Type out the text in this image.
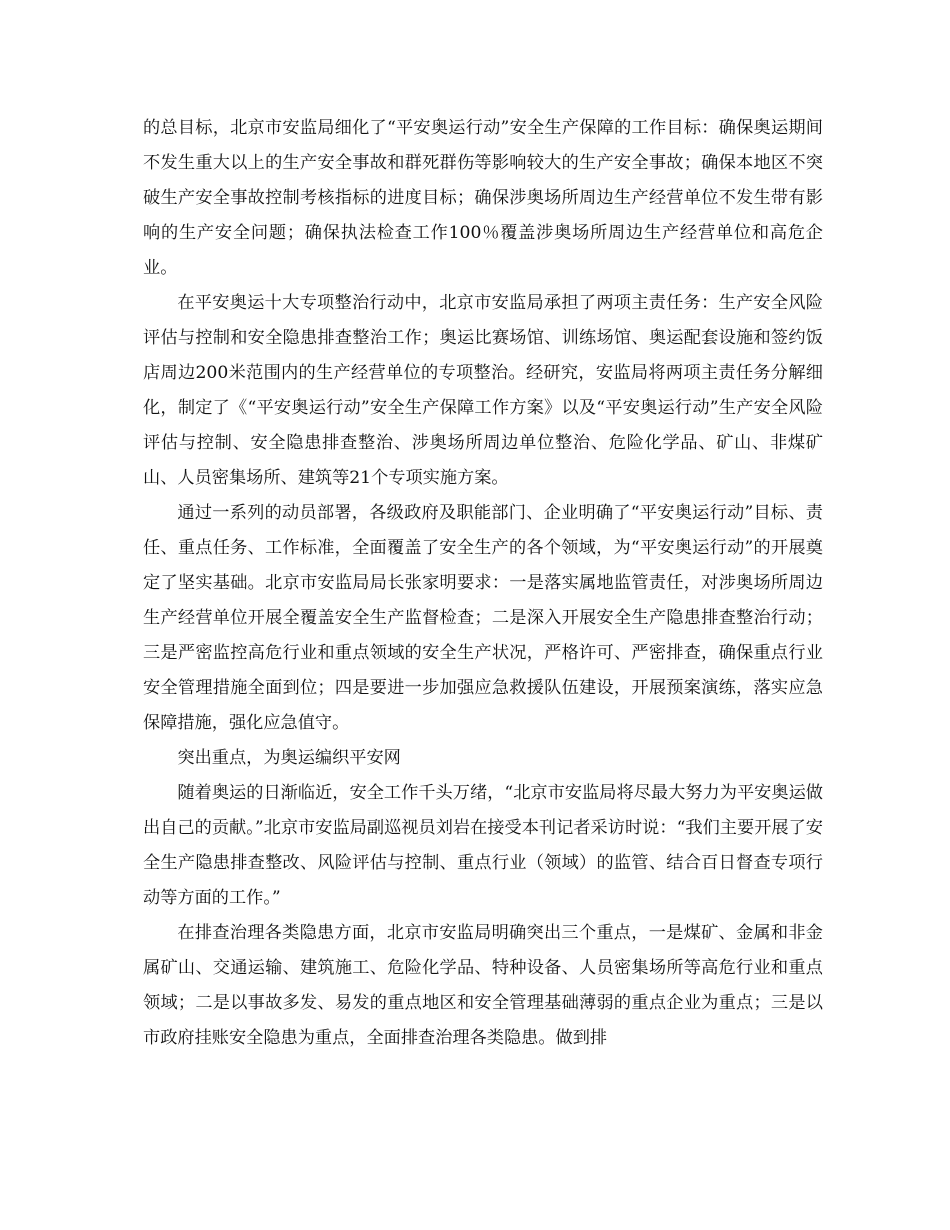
的总目标，北京市安监局细化了“平安奥运行动”安全生产保障的工作目标：确保奥运期间不发生重大以上的生产安全事故和群死群伤等影响较大的生产安全事故；确保本地区不突破生产安全事故控制考核指标的进度目标；确保涉奥场所周边生产经营单位不发生带有影响的生产安全问题；确保执法检查工作100％覆盖涉奥场所周边生产经营单位和高危企业。

在平安奥运十大专项整治行动中，北京市安监局承担了两项主责任务：生产安全风险评估与控制和安全隐患排查整治工作；奥运比赛场馆、训练场馆、奥运配套设施和签约饭店周边200米范围内的生产经营单位的专项整治。经研究，安监局将两项主责任务分解细化，制定了《“平安奥运行动”安全生产保障工作方案》以及“平安奥运行动”生产安全风险评估与控制、安全隐患排查整治、涉奥场所周边单位整治、危险化学品、矿山、非煤矿山、人员密集场所、建筑等21个专项实施方案。

通过一系列的动员部署，各级政府及职能部门、企业明确了“平安奥运行动”目标、责任、重点任务、工作标准，全面覆盖了安全生产的各个领域，为“平安奥运行动”的开展奠定了坚实基础。北京市安监局局长张家明要求：一是落实属地监管责任，对涉奥场所周边生产经营单位开展全覆盖安全生产监督检查；二是深入开展安全生产隐患排查整治行动；三是严密监控高危行业和重点领域的安全生产状况，严格许可、严密排查，确保重点行业安全管理措施全面到位；四是要进一步加强应急救援队伍建设，开展预案演练，落实应急保障措施，强化应急值守。

突出重点，为奥运编织平安网

随着奥运的日渐临近，安全工作千头万绪，“北京市安监局将尽最大努力为平安奥运做出自己的贡献。”北京市安监局副巡视员刘岩在接受本刊记者采访时说：“我们主要开展了安全生产隐患排查整改、风险评估与控制、重点行业（领域）的监管、结合百日督查专项行动等方面的工作。”

在排查治理各类隐患方面，北京市安监局明确突出三个重点，一是煤矿、金属和非金属矿山、交通运输、建筑施工、危险化学品、特种设备、人员密集场所等高危行业和重点领域；二是以事故多发、易发的重点地区和安全管理基础薄弱的重点企业为重点；三是以市政府挂账安全隐患为重点，全面排查治理各类隐患。做到排
